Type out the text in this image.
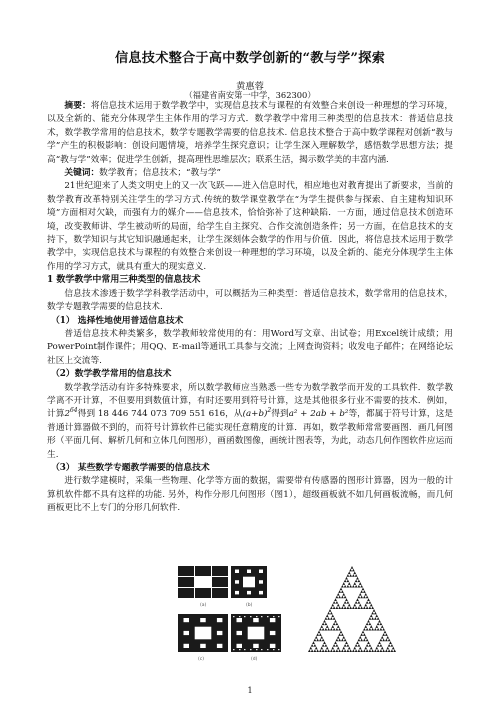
信息技术整合于高中数学创新的“教与学”探索
黄惠蓉
（福建省南安第一中学，362300）

摘要：将信息技术运用于数学教学中，实现信息技术与课程的有效整合来创设一种理想的学习环境，以及全新的、能充分体现学生主体作用的学习方式．数学教学中常用三种类型的信息技术：普适信息技术，数学教学常用的信息技术，数学专题教学需要的信息技术. 信息技术整合于高中数学课程对创新“教与学”产生的积极影响：创设问题情境，培养学生探究意识；让学生深入理解数学，感悟数学思想方法；提高“教与学”效率；促进学生创新，提高理性思维层次；联系生活，揭示数学美的丰富内涵.

关键词：数学教育；信息技术；“教与学”

21世纪迎来了人类文明史上的又一次飞跃——进入信息时代，相应地也对教育提出了新要求，当前的数学教育改革特别关注学生的学习方式.传统的数学课堂教学在“为学生提供参与探索、自主建构知识环境”方面相对欠缺，而强有力的媒介——信息技术，恰恰弥补了这种缺陷．一方面，通过信息技术创造环境，改变教师讲、学生被动听的局面，给学生自主探究、合作交流创造条件；另一方面，在信息技术的支持下，数学知识与其它知识融通起来，让学生深刻体会数学的作用与价值．因此，将信息技术运用于数学教学中，实现信息技术与课程的有效整合来创设一种理想的学习环境，以及全新的、能充分体现学生主体作用的学习方式，就具有重大的现实意义.

1 数学教学中常用三种类型的信息技术

信息技术渗透于数学学科教学活动中，可以概括为三种类型：普适信息技术，数学常用的信息技术，数学专题教学需要的信息技术.

（1） 选择性地使用普适信息技术

普适信息技术种类繁多，数学教师较常使用的有：用Word写文章、出试卷；用Excel统计成绩；用PowerPoint制作课件；用QQ、E-mail等通讯工具参与交流；上网查询资料；收发电子邮件；在网络论坛社区上交流等.

（2）数学教学常用的信息技术

数学教学活动有许多特殊要求，所以数学教师应当熟悉一些专为数学教学而开发的工具软件．数学教学离不开计算，不但要用到数值计算，有时还要用到符号计算，这是其他很多行业不需要的技术．例如，计算$2^{64}$得到 18 446 744 073 709 551 616，从$(a+b)^2$得到a² + 2ab + b²等，都属于符号计算，这是普通计算器做不到的，而符号计算软件已能实现任意精度的计算．再如，数学教师常常要画图．画几何图形（平面几何、解析几何和立体几何图形），画函数图像，画统计图表等，为此，动态几何作图软件应运而生.

（3） 某些数学专题教学需要的信息技术

进行数学建模时，采集一些物理、化学等方面的数据，需要带有传感器的图形计算器，因为一般的计算机软件都不具有这样的功能. 另外，构作分形几何图形（图1），超级画板就不如几何画板流畅，而几何画板更比不上专门的分形几何软件.

(a)	(b)
(c)	(d)
1
